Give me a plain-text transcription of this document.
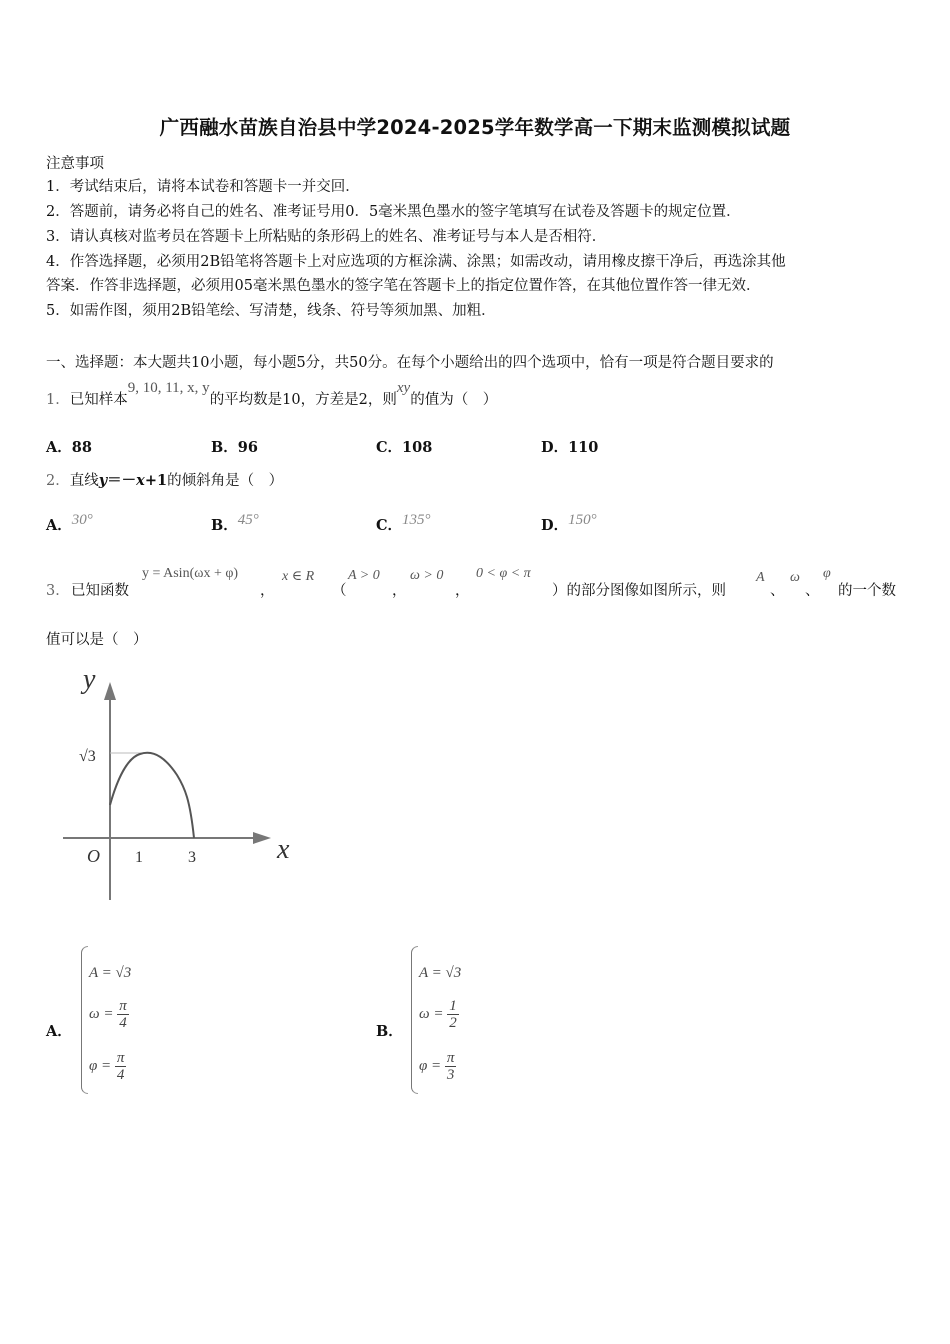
广西融水苗族自治县中学2024-2025学年数学高一下期末监测模拟试题
注意事项
1．考试结束后，请将本试卷和答题卡一并交回．
2．答题前，请务必将自己的姓名、准考证号用0．5毫米黑色墨水的签字笔填写在试卷及答题卡的规定位置．
3．请认真核对监考员在答题卡上所粘贴的条形码上的姓名、准考证号与本人是否相符．
4．作答选择题，必须用2B铅笔将答题卡上对应选项的方框涂满、涂黑；如需改动，请用橡皮擦干净后，再选涂其他
答案．作答非选择题，必须用05毫米黑色墨水的签字笔在答题卡上的指定位置作答，在其他位置作答一律无效．
5．如需作图，须用2B铅笔绘、写清楚，线条、符号等须加黑、加粗．
一、选择题：本大题共10小题，每小题5分，共50分。在每个小题给出的四个选项中，恰有一项是符合题目要求的
1．已知样本9, 10, 11, x, y的平均数是10，方差是2，则xy的值为（　）
A．88	B．96	C．108	D．110
2．直线y＝－x+1的倾斜角是（　）
A．30°	B．45°	C．135°	D．150°
3． 已知函数
y = Asin(ωx + φ)
，
x ∈ R
（
A > 0
，
ω > 0
，
0 < φ < π
）的部分图像如图所示，则
A
、
ω
、
φ
的一个数
值可以是（　）
y
x
O 1	3
√3
A．
A = √3
$\omega = \frac{\pi}{4}$
$\varphi = \frac{\pi}{4}$
B．
A = √3
$\omega = \frac{1}{2}$
$\varphi = \frac{\pi}{3}$
